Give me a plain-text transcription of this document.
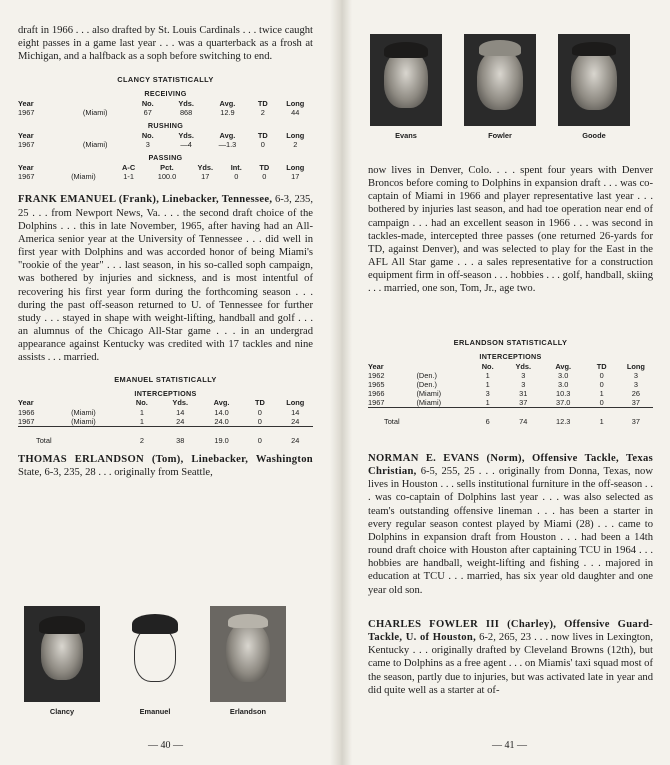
draft in 1966 . . . also drafted by St. Louis Cardinals . . . twice caught eight passes in a game last year . . . was a quarterback as a frosh at Michigan, and a halfback as a soph before switching to end.

CLANCY STATISTICALLY

RECEIVING

Year		No.	Yds.	Avg.	TD	Long
1967	(Miami)	67	868	12.9	2	44

RUSHING

Year		No.	Yds.	Avg.	TD	Long
1967	(Miami)	3	—4	—1.3	0	2

PASSING

Year		A-C	Pct.	Yds.	Int.	TD	Long
1967	(Miami)	1-1	100.0	17	0	0	17

FRANK EMANUEL (Frank), Linebacker, Tennessee, 6-3, 235, 25 . . . from Newport News, Va. . . . the second draft choice of the Dolphins . . . this in late November, 1965, after having had an All-America senior year at the University of Tennessee . . . did well in first year with Dolphins and was accorded honor of being Miami's "rookie of the year" . . . last season, in his so-called soph campaign, was bothered by injuries and sickness, and is most intentful of recovering his first year form during the forthcoming season . . . during the past off-season returned to U. of Tennessee for further study . . . stayed in shape with weight-lifting, handball and golf . . . an alumnus of the Chicago All-Star game . . . in an undergrad appearance against Kentucky was credited with 17 tackles and nine assists . . . married.

EMANUEL STATISTICALLY

INTERCEPTIONS

Year		No.	Yds.	Avg.	TD	Long
1966	(Miami)	1	14	14.0	0	14
1967	(Miami)	1	24	24.0	0	24

Total		2	38	19.0	0	24

THOMAS ERLANDSON (Tom), Linebacker, Washington State, 6-3, 235, 28 . . . originally from Seattle,

Clancy	Emanuel	Erlandson
— 40 —
Evans	Fowler	Goode

now lives in Denver, Colo. . . . spent four years with Denver Broncos before coming to Dolphins in expansion draft . . . was co-captain of Miami in 1966 and player representative last year . . . bothered by injuries last season, and had toe operation near end of campaign . . . had an excellent season in 1966 . . . was second in tackles-made, intercepted three passes (one returned 26-yards for TD, against Denver), and was selected to play for the East in the AFL All Star game . . . a sales representative for a construction equipment firm in off-season . . . hobbies . . . golf, handball, skiing . . . married, one son, Tom, Jr., age two.

ERLANDSON STATISTICALLY

INTERCEPTIONS

Year		No.	Yds.	Avg.	TD	Long
1962	(Den.)	1	3	3.0	0	3
1965	(Den.)	1	3	3.0	0	3
1966	(Miami)	3	31	10.3	1	26
1967	(Miami)	1	37	37.0	0	37

Total		6	74	12.3	1	37

NORMAN E. EVANS (Norm), Offensive Tackle, Texas Christian, 6-5, 255, 25 . . . originally from Donna, Texas, now lives in Houston . . . sells institutional furniture in the off-season . . . was co-captain of Dolphins last year . . . was also selected as team's outstanding offensive lineman . . . has been a starter in every regular season contest played by Miami (28) . . . came to Dolphins in expansion draft from Houston . . . had been a 14th round draft choice with Houston after captaining TCU in 1964 . . . hobbies are handball, weight-lifting and fishing . . . majored in education at TCU . . . married, has six year old daughter and one year old son.

CHARLES FOWLER III (Charley), Offensive Guard-Tackle, U. of Houston, 6-2, 265, 23 . . . now lives in Lexington, Kentucky . . . originally drafted by Cleveland Browns (12th), but came to Dolphins as a free agent . . . on Miamis' taxi squad most of the season, partly due to injuries, but was activated late in year and did quite well as a starter at of-

— 41 —
